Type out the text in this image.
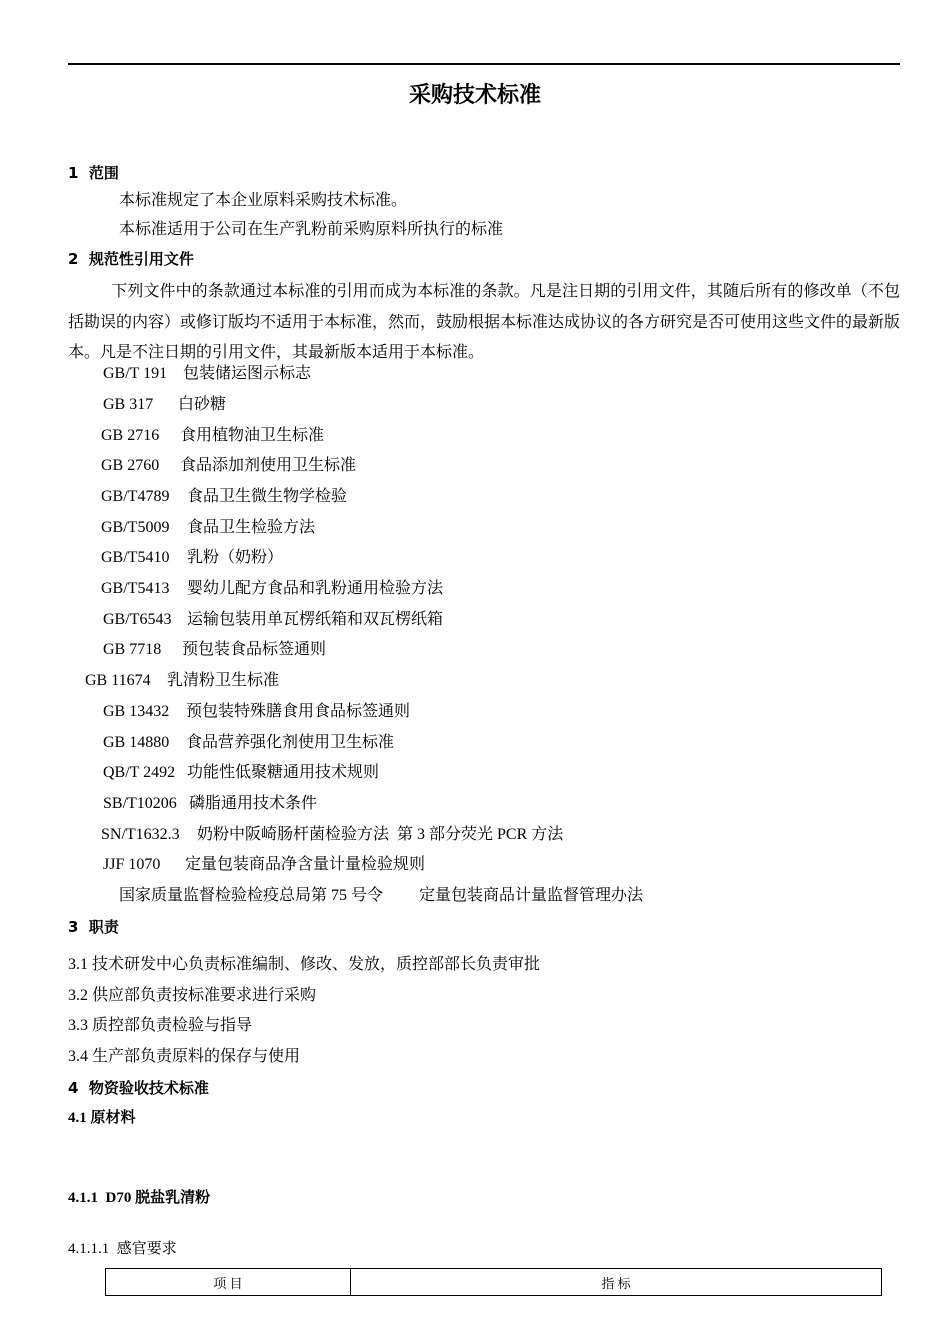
采购技术标准
1  范围
本标准规定了本企业原料采购技术标准。
本标准适用于公司在生产乳粉前采购原料所执行的标准
2  规范性引用文件
下列文件中的条款通过本标准的引用而成为本标准的条款。凡是注日期的引用文件，其随后所有的修改单（不包括勘误的内容）或修订版均不适用于本标准，然而，鼓励根据本标准达成协议的各方研究是否可使用这些文件的最新版本。凡是不注日期的引用文件，其最新版本适用于本标准。
GB/T 191 包装储运图示标志
GB 317 白砂糖
GB 2716 食用植物油卫生标准
GB 2760 食品添加剂使用卫生标准
GB/T4789 食品卫生微生物学检验
GB/T5009 食品卫生检验方法
GB/T5410 乳粉（奶粉）
GB/T5413 婴幼儿配方食品和乳粉通用检验方法
GB/T6543 运输包装用单瓦楞纸箱和双瓦楞纸箱
GB 7718 预包装食品标签通则
GB 11674 乳清粉卫生标准
GB 13432 预包装特殊膳食用食品标签通则
GB 14880 食品营养强化剂使用卫生标准
QB/T 2492 功能性低聚糖通用技术规则
SB/T10206 磷脂通用技术条件
SN/T1632.3 奶粉中阪崎肠杆菌检验方法  第 3 部分荧光 PCR 方法
JJF 1070 定量包装商品净含量计量检验规则
国家质量监督检验检疫总局第 75 号令 定量包装商品计量监督管理办法
3  职责
3.1 技术研发中心负责标准编制、修改、发放，质控部部长负责审批
3.2 供应部负责按标准要求进行采购
3.3 质控部负责检验与指导
3.4 生产部负责原料的保存与使用
4  物资验收技术标准
4.1 原材料
4.1.1  D70 脱盐乳清粉
4.1.1.1  感官要求
项 目	指 标
